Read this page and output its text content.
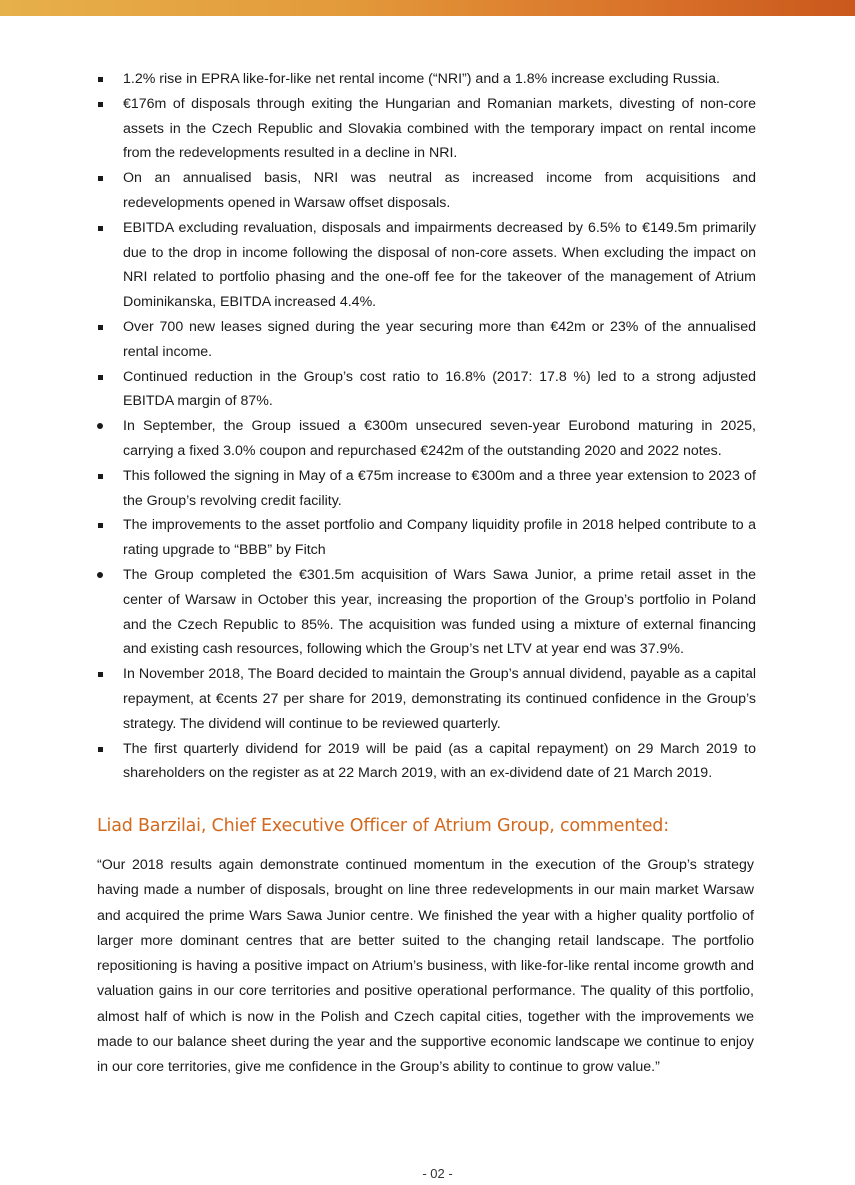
1.2% rise in EPRA like-for-like net rental income (“NRI”) and a 1.8% increase excluding Russia.
€176m of disposals through exiting the Hungarian and Romanian markets, divesting of non-core assets in the Czech Republic and Slovakia combined with the temporary impact on rental income from the redevelopments resulted in a decline in NRI.
On an annualised basis, NRI was neutral as increased income from acquisitions and redevelopments opened in Warsaw offset disposals.
EBITDA excluding revaluation, disposals and impairments decreased by 6.5% to €149.5m primarily due to the drop in income following the disposal of non-core assets. When excluding the impact on NRI related to portfolio phasing and the one-off fee for the takeover of the management of Atrium Dominikanska, EBITDA increased 4.4%.
Over 700 new leases signed during the year securing more than €42m or 23% of the annualised rental income.
Continued reduction in the Group’s cost ratio to 16.8% (2017: 17.8 %) led to a strong adjusted EBITDA margin of 87%.
In September, the Group issued a €300m unsecured seven-year Eurobond maturing in 2025, carrying a fixed 3.0% coupon and repurchased €242m of the outstanding 2020 and 2022 notes.
This followed the signing in May of a €75m increase to €300m and a three year extension to 2023 of the Group’s revolving credit facility.
The improvements to the asset portfolio and Company liquidity profile in 2018 helped contribute to a rating upgrade to “BBB” by Fitch
The Group completed the €301.5m acquisition of Wars Sawa Junior, a prime retail asset in the center of Warsaw in October this year, increasing the proportion of the Group’s portfolio in Poland and the Czech Republic to 85%. The acquisition was funded using a mixture of external financing and existing cash resources, following which the Group’s net LTV at year end was 37.9%.
In November 2018, The Board decided to maintain the Group’s annual dividend, payable as a capital repayment, at €cents 27 per share for 2019, demonstrating its continued confidence in the Group’s strategy. The dividend will continue to be reviewed quarterly.
The first quarterly dividend for 2019 will be paid (as a capital repayment) on 29 March 2019 to shareholders on the register as at 22 March 2019, with an ex-dividend date of 21 March 2019.
Liad Barzilai, Chief Executive Officer of Atrium Group, commented:

“Our 2018 results again demonstrate continued momentum in the execution of the Group’s strategy having made a number of disposals, brought on line three redevelopments in our main market Warsaw and acquired the prime Wars Sawa Junior centre. We finished the year with a higher quality portfolio of larger more dominant centres that are better suited to the changing retail landscape. The portfolio repositioning is having a positive impact on Atrium’s business, with like-for-like rental income growth and valuation gains in our core territories and positive operational performance. The quality of this portfolio, almost half of which is now in the Polish and Czech capital cities, together with the improvements we made to our balance sheet during the year and the supportive economic landscape we continue to enjoy in our core territories, give me confidence in the Group’s ability to continue to grow value.”

- 02 -
